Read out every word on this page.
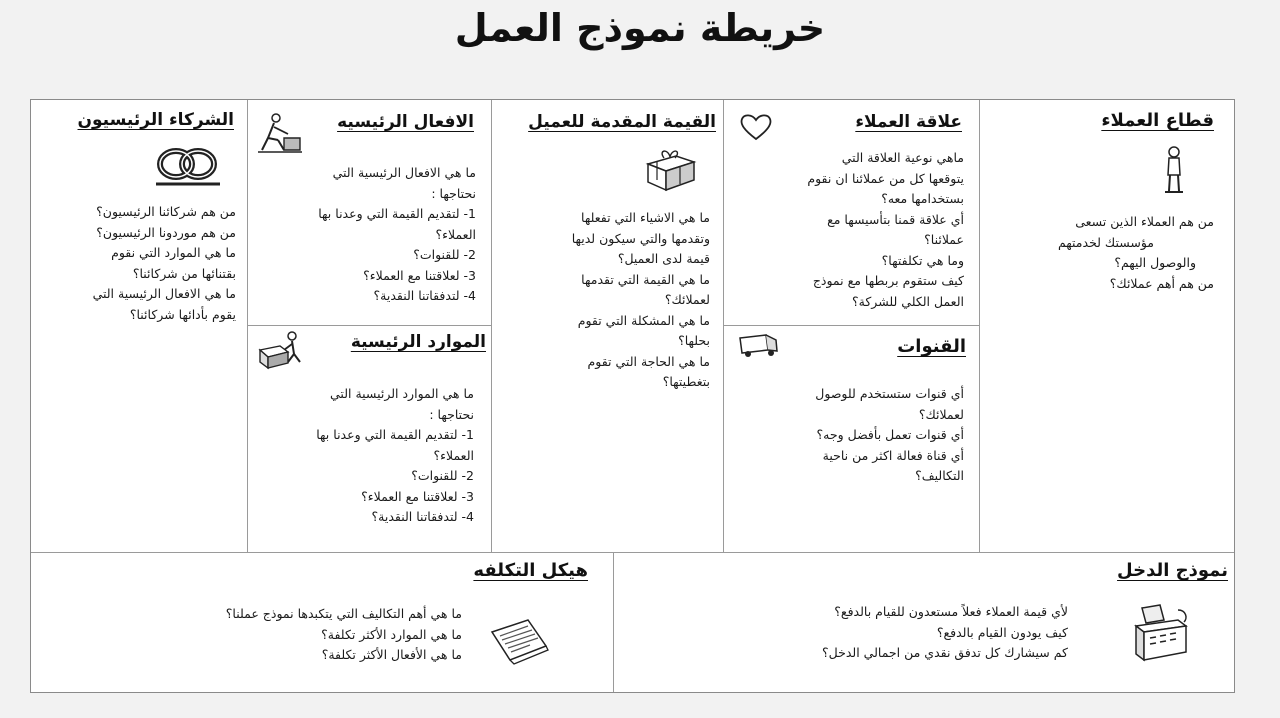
خريطة نموذج العمل
قطاع العملاء
من هم العملاء الذين تسعى
مؤسستك لخدمتهم
والوصول اليهم؟
من هم أهم عملائك؟
علاقة العملاء
ماهي نوعية العلاقة التي
يتوقعها كل من عملائنا ان نقوم
بستخدامها معه؟
أي علاقة قمنا بتأسيسها مع
عملائنا؟
وما هي تكلفتها؟
كيف ستقوم بربطها مع نموذج
العمل الكلي للشركة؟
القنوات
أي قنوات ستستخدم للوصول
لعملائك؟
أي قنوات تعمل بأفضل وجه؟
أي قناة فعالة اكثر من ناحية
التكاليف؟
القيمة المقدمة للعميل
ما هي الاشياء التي تفعلها
وتقدمها والتي سيكون لديها
قيمة لدى العميل؟
ما هي القيمة التي تقدمها
لعملائك؟
ما هي المشكلة التي تقوم
بحلها؟
ما هي الحاجة التي تقوم
بتغطيتها؟
الافعال الرئيسيه
ما هي الافعال الرئيسية التي
نحتاجها :
1- لتقديم القيمة التي وعدنا بها
العملاء؟
2- للقنوات؟
3- لعلاقتنا مع العملاء؟
4- لتدفقاتنا النقدية؟
الموارد الرئيسية
ما هي الموارد الرئيسية التي
نحتاجها :
1- لتقديم القيمة التي وعدنا بها
العملاء؟
2- للقنوات؟
3- لعلاقتنا مع العملاء؟
4- لتدفقاتنا النقدية؟
الشركاء الرئيسيون
من هم شركائنا الرئيسيون؟
من هم موردونا الرئيسيون؟
ما هي الموارد التي نقوم
بقتنائها من شركائنا؟
ما هي الافعال الرئيسية التي
يقوم بأدائها شركائنا؟
نموذج الدخل
لأي قيمة العملاء فعلاً مستعدون للقيام بالدفع؟
كيف يودون القيام بالدفع؟
كم سيشارك كل تدفق نقدي من اجمالي الدخل؟
هيكل التكلفه
ما هي أهم التكاليف التي يتكبدها نموذج عملنا؟
ما هي الموارد الأكثر تكلفة؟
ما هي الأفعال الأكثر تكلفة؟
